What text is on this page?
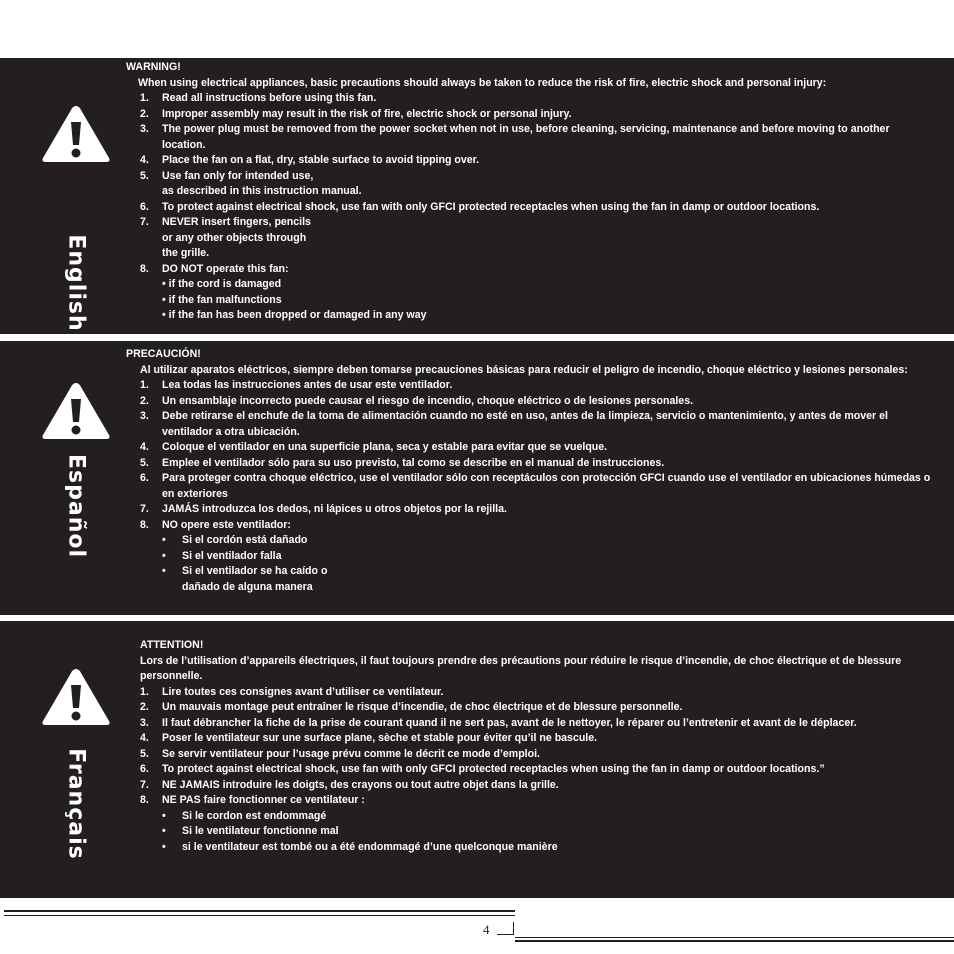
English

WARNING!

When using electrical appliances, basic precautions should always be taken to reduce the risk of fire, electric shock and personal injury:

1. Read all instructions before using this fan.
2. Improper assembly may result in the risk of fire, electric shock or personal injury.
3. The power plug must be removed from the power socket when not in use, before cleaning, servicing, maintenance and before moving to another location.
4. Place the fan on a flat, dry, stable surface to avoid tipping over.
5. Use fan only for intended use,
as described in this instruction manual.
6. To protect against electrical shock, use fan with only GFCI protected receptacles when using the fan in damp or outdoor locations.
7. NEVER insert fingers, pencils
or any other objects through
the grille.
8. DO NOT operate this fan:
• if the cord is damaged
• if the fan malfunctions
• if the fan has been dropped or damaged in any way
Español

PRECAUCIÓN!

Al utilizar aparatos eléctricos, siempre deben tomarse precauciones básicas para reducir el peligro de incendio, choque eléctrico y lesiones personales:

1. Lea todas las instrucciones antes de usar este ventilador.
2. Un ensamblaje incorrecto puede causar el riesgo de incendio, choque eléctrico o de lesiones personales.
3. Debe retirarse el enchufe de la toma de alimentación cuando no esté en uso, antes de la limpieza, servicio o mantenimiento, y antes de mover el ventilador a otra ubicación.
4. Coloque el ventilador en una superficie plana, seca y estable para evitar que se vuelque.
5. Emplee el ventilador sólo para su uso previsto, tal como se describe en el manual de instrucciones.
6. Para proteger contra choque eléctrico, use el ventilador sólo con receptáculos con protección GFCI cuando use el ventilador en ubicaciones húmedas o en exteriores
7. JAMÁS introduzca los dedos, ni lápices u otros objetos por la rejilla.
8. NO opere este ventilador:
• Si el cordón está dañado
• Si el ventilador falla
• Si el ventilador se ha caído o
dañado de alguna manera
Français

ATTENTION!

Lors de l’utilisation d’appareils électriques, il faut toujours prendre des précautions pour réduire le risque d’incendie, de choc électrique et de blessure personnelle.

1. Lire toutes ces consignes avant d’utiliser ce ventilateur.
2. Un mauvais montage peut entraîner le risque d’incendie, de choc électrique et de blessure personnelle.
3. Il faut débrancher la fiche de la prise de courant quand il ne sert pas, avant de le nettoyer, le réparer ou l’entretenir et avant de le déplacer.
4. Poser le ventilateur sur une surface plane, sèche et stable pour éviter qu’il ne bascule.
5. Se servir ventilateur pour l’usage prévu comme le décrit ce mode d’emploi.
6. To protect against electrical shock, use fan with only GFCI protected receptacles when using the fan in damp or outdoor locations.”
7. NE JAMAIS introduire les doigts, des crayons ou tout autre objet dans la grille.
8. NE PAS faire fonctionner ce ventilateur :
• Si le cordon est endommagé
• Si le ventilateur fonctionne mal
• si le ventilateur est tombé ou a été endommagé d’une quelconque manière
4
